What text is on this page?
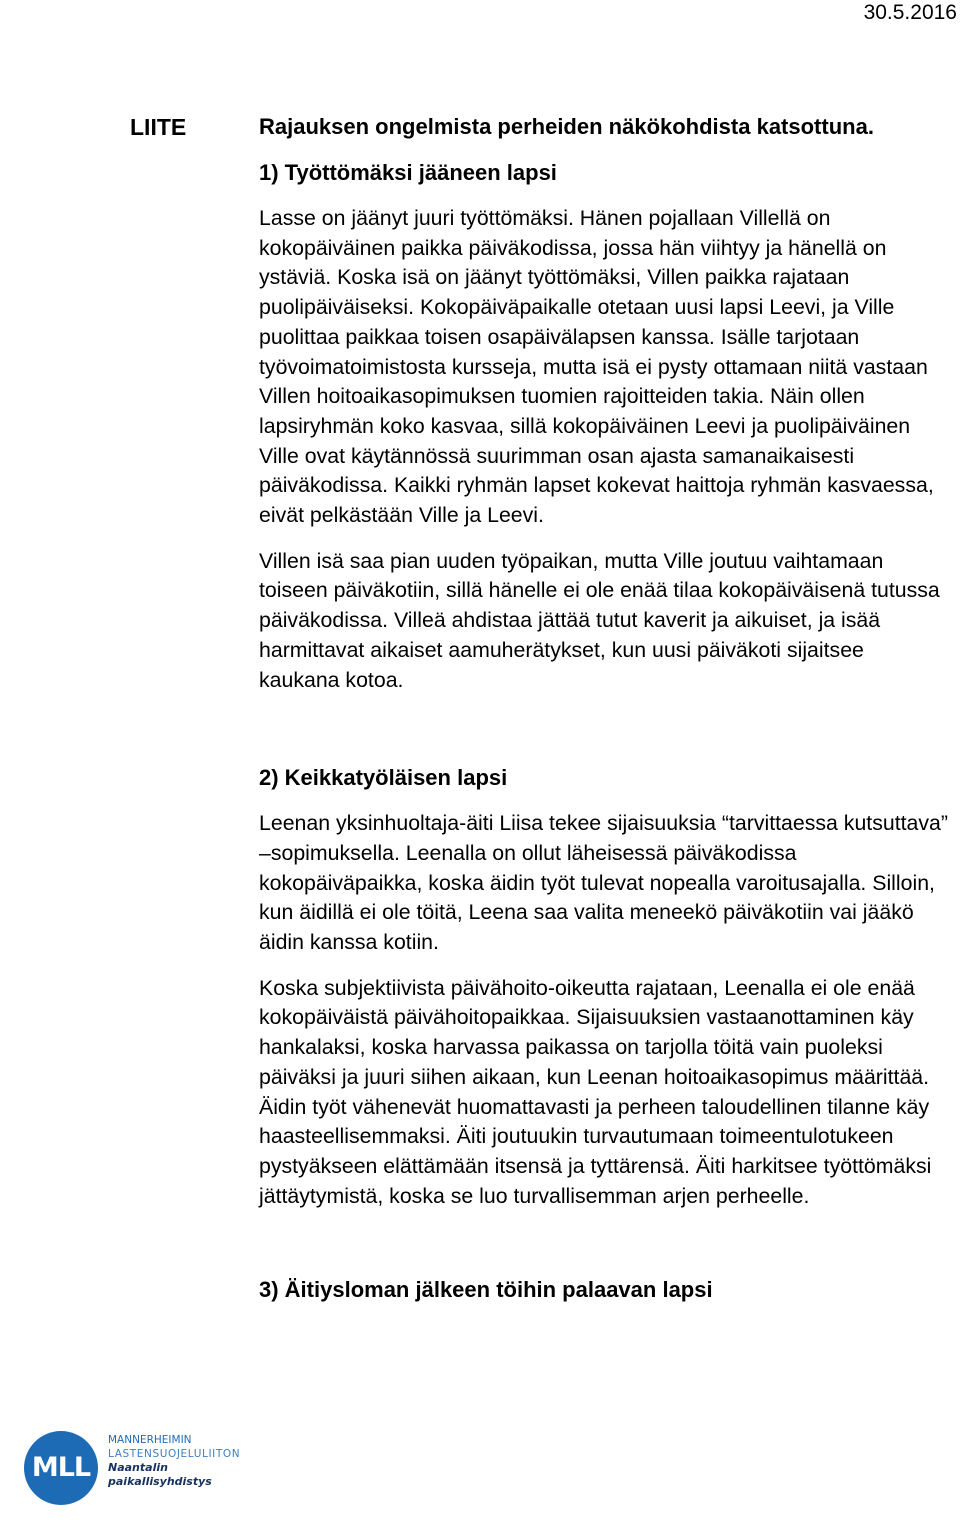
30.5.2016
LIITE	Rajauksen ongelmista perheiden näkökohdista katsottuna.

1) Työttömäksi jääneen lapsi

Lasse on jäänyt juuri työttömäksi. Hänen pojallaan Villellä on kokopäiväinen paikka päiväkodissa, jossa hän viihtyy ja hänellä on ystäviä. Koska isä on jäänyt työttömäksi, Villen paikka rajataan puolipäiväiseksi. Kokopäiväpaikalle otetaan uusi lapsi Leevi, ja Ville puolittaa paikkaa toisen osapäivälapsen kanssa. Isälle tarjotaan työvoimatoimistosta kursseja, mutta isä ei pysty ottamaan niitä vastaan Villen hoitoaikasopimuksen tuomien rajoitteiden takia. Näin ollen lapsiryhmän koko kasvaa, sillä kokopäiväinen Leevi ja puolipäiväinen Ville ovat käytännössä suurimman osan ajasta samanaikaisesti päiväkodissa. Kaikki ryhmän lapset kokevat haittoja ryhmän kasvaessa, eivät pelkästään Ville ja Leevi.

Villen isä saa pian uuden työpaikan, mutta Ville joutuu vaihtamaan toiseen päiväkotiin, sillä hänelle ei ole enää tilaa kokopäiväisenä tutussa päiväkodissa. Villeä ahdistaa jättää tutut kaverit ja aikuiset, ja isää harmittavat aikaiset aamuherätykset, kun uusi päiväkoti sijaitsee kaukana kotoa.

2) Keikkatyöläisen lapsi

Leenan yksinhuoltaja-äiti Liisa tekee sijaisuuksia “tarvittaessa kutsuttava” –sopimuksella. Leenalla on ollut läheisessä päiväkodissa kokopäiväpaikka, koska äidin työt tulevat nopealla varoitusajalla. Silloin, kun äidillä ei ole töitä, Leena saa valita meneekö päiväkotiin vai jääkö äidin kanssa kotiin.

Koska subjektiivista päivähoito-oikeutta rajataan, Leenalla ei ole enää kokopäiväistä päivähoitopaikkaa. Sijaisuuksien vastaanottaminen käy hankalaksi, koska harvassa paikassa on tarjolla töitä vain puoleksi päiväksi ja juuri siihen aikaan, kun Leenan hoitoaikasopimus määrittää. Äidin työt vähenevät huomattavasti ja perheen taloudellinen tilanne käy haasteellisemmaksi. Äiti joutuukin turvautumaan toimeentulotukeen pystyäkseen elättämään itsensä ja tyttärensä. Äiti harkitsee työttömäksi jättäytymistä, koska se luo turvallisemman arjen perheelle.

3) Äitiysloman jälkeen töihin palaavan lapsi

MLL
MANNERHEIMIN
LASTENSUOJELULIITON
Naantalin
paikallisyhdistys
